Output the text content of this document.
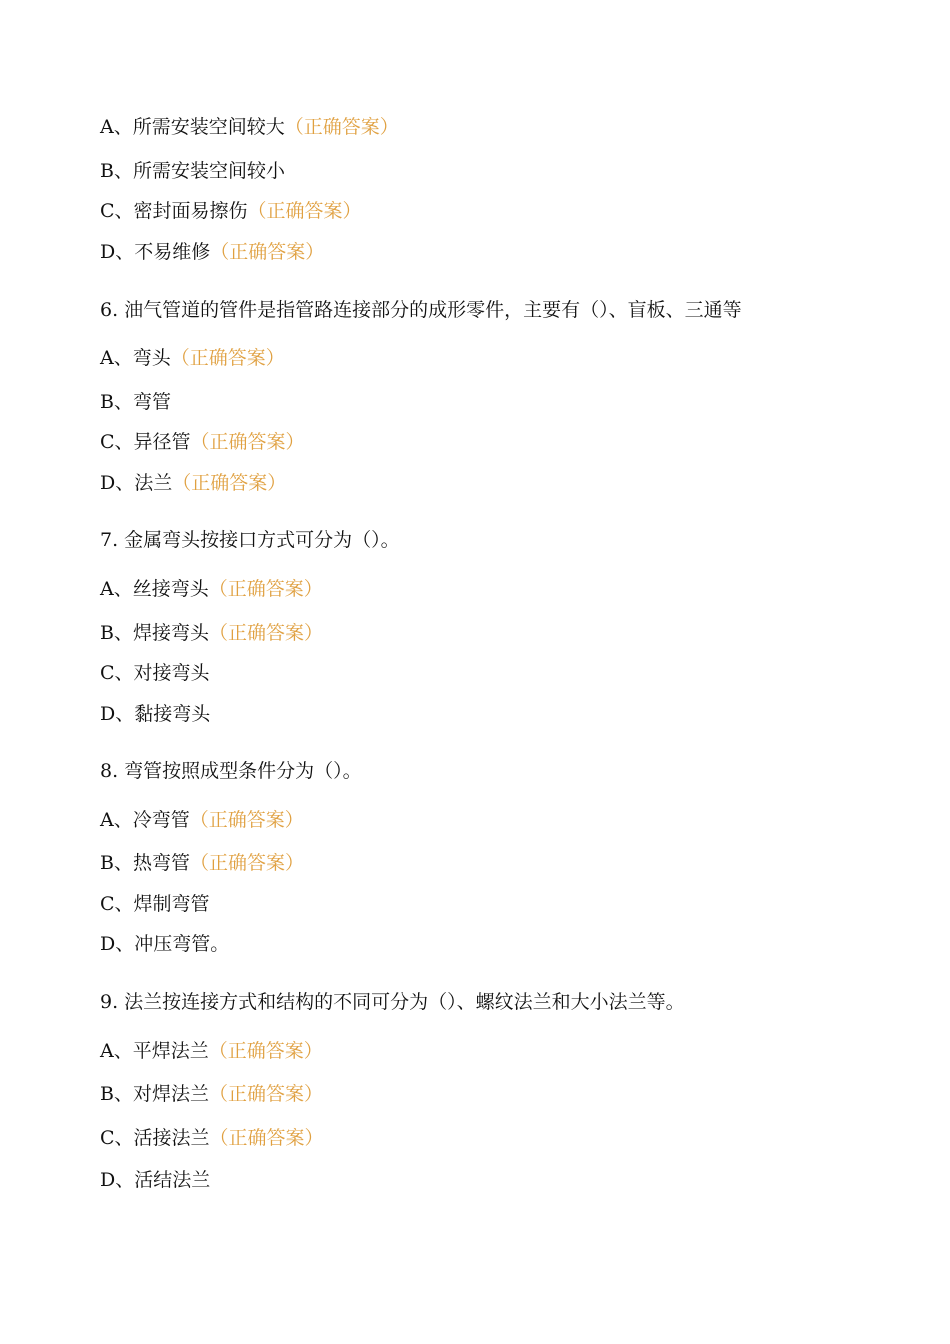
A、所需安装空间较大（正确答案）
B、所需安装空间较小
C、密封面易擦伤（正确答案）
D、不易维修（正确答案）
6. 油气管道的管件是指管路连接部分的成形零件，主要有（）、盲板、三通等
A、弯头（正确答案）
B、弯管
C、异径管（正确答案）
D、法兰（正确答案）
7. 金属弯头按接口方式可分为（）。
A、丝接弯头（正确答案）
B、焊接弯头（正确答案）
C、对接弯头
D、黏接弯头
8. 弯管按照成型条件分为（）。
A、冷弯管（正确答案）
B、热弯管（正确答案）
C、焊制弯管
D、冲压弯管。
9. 法兰按连接方式和结构的不同可分为（）、螺纹法兰和大小法兰等。
A、平焊法兰（正确答案）
B、对焊法兰（正确答案）
C、活接法兰（正确答案）
D、活结法兰
